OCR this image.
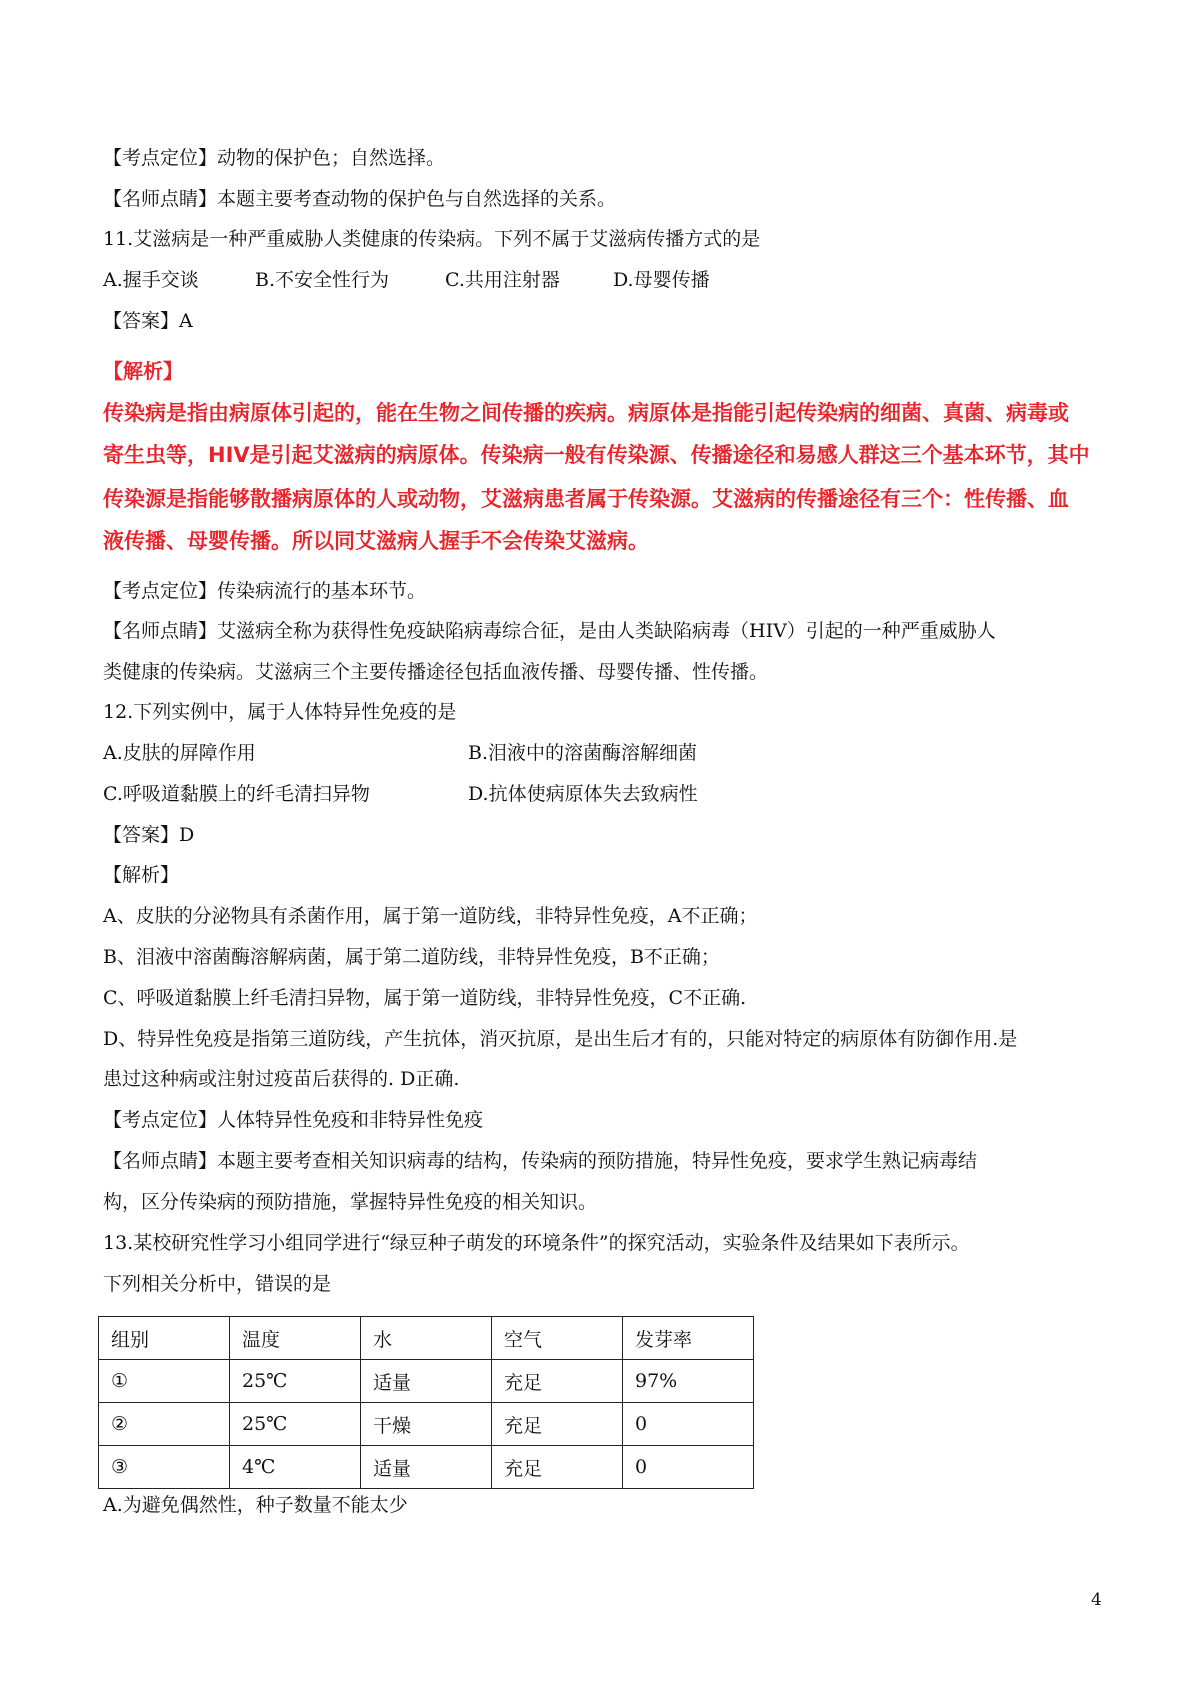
【考点定位】动物的保护色；自然选择。
【名师点睛】本题主要考查动物的保护色与自然选择的关系。
11.艾滋病是一种严重威胁人类健康的传染病。下列不属于艾滋病传播方式的是
A.握手交谈	B.不安全性行为	C.共用注射器	D.母婴传播
【答案】A
【解析】
传染病是指由病原体引起的，能在生物之间传播的疾病。病原体是指能引起传染病的细菌、真菌、病毒或
寄生虫等，HIV是引起艾滋病的病原体。传染病一般有传染源、传播途径和易感人群这三个基本环节，其中
传染源是指能够散播病原体的人或动物，艾滋病患者属于传染源。艾滋病的传播途径有三个：性传播、血
液传播、母婴传播。所以同艾滋病人握手不会传染艾滋病。
【考点定位】传染病流行的基本环节。
【名师点睛】艾滋病全称为获得性免疫缺陷病毒综合征，是由人类缺陷病毒（HIV）引起的一种严重威胁人
类健康的传染病。艾滋病三个主要传播途径包括血液传播、母婴传播、性传播。
12.下列实例中，属于人体特异性免疫的是
A.皮肤的屏障作用	B.泪液中的溶菌酶溶解细菌
C.呼吸道黏膜上的纤毛清扫异物	D.抗体使病原体失去致病性
【答案】D
【解析】
A、皮肤的分泌物具有杀菌作用，属于第一道防线，非特异性免疫，A不正确；
B、泪液中溶菌酶溶解病菌，属于第二道防线，非特异性免疫，B不正确；
C、呼吸道黏膜上纤毛清扫异物，属于第一道防线，非特异性免疫，C不正确.
D、特异性免疫是指第三道防线，产生抗体，消灭抗原，是出生后才有的，只能对特定的病原体有防御作用.是
患过这种病或注射过疫苗后获得的. D正确.
【考点定位】人体特异性免疫和非特异性免疫
【名师点睛】本题主要考查相关知识病毒的结构，传染病的预防措施，特异性免疫，要求学生熟记病毒结
构，区分传染病的预防措施，掌握特异性免疫的相关知识。
13.某校研究性学习小组同学进行“绿豆种子萌发的环境条件”的探究活动，实验条件及结果如下表所示。
下列相关分析中，错误的是
组别	温度	水	空气	发芽率
①	25℃	适量	充足	97%
②	25℃	干燥	充足	0
③	4℃	适量	充足	0
A.为避免偶然性，种子数量不能太少
4
